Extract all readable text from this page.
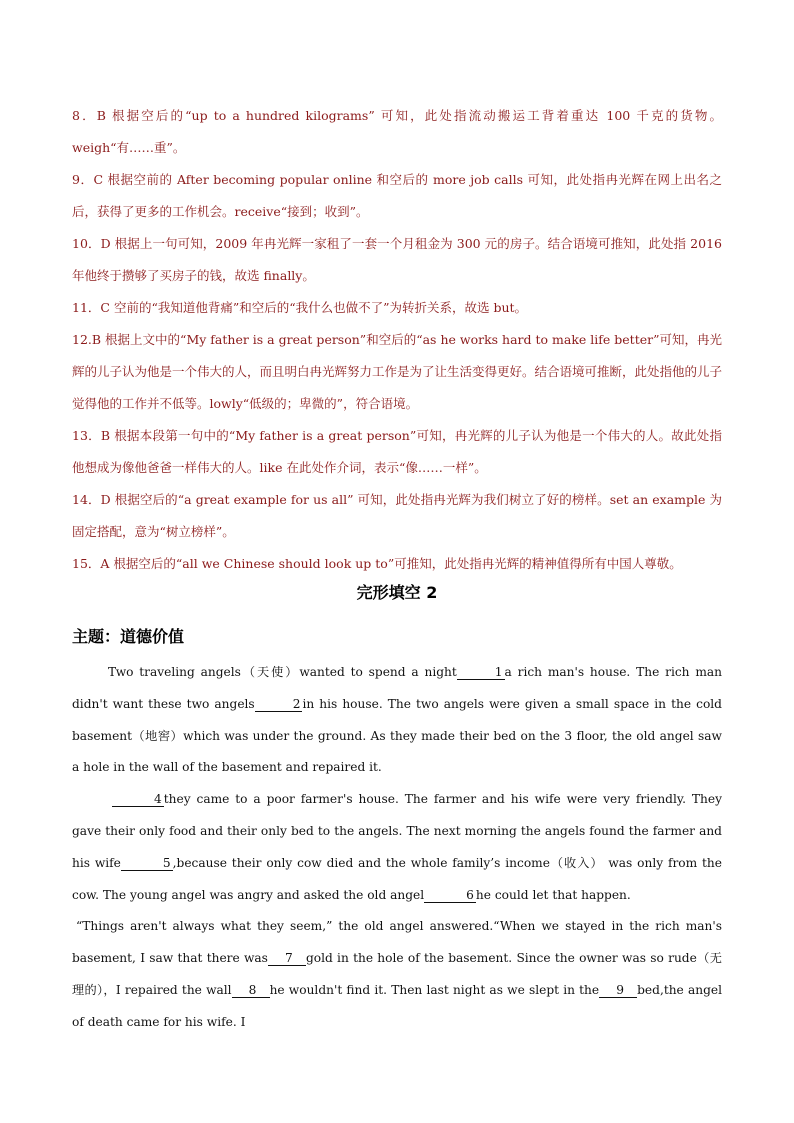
8．B 根据空后的“up to a hundred kilograms” 可知，此处指流动搬运工背着重达 100 千克的货物。weigh“有……重”。

9．C 根据空前的 After becoming popular online 和空后的 more job calls 可知，此处指冉光辉在网上出名之后，获得了更多的工作机会。receive“接到；收到”。

10．D 根据上一句可知，2009 年冉光辉一家租了一套一个月租金为 300 元的房子。结合语境可推知，此处指 2016 年他终于攒够了买房子的钱，故选 finally。

11．C 空前的“我知道他背痛”和空后的“我什么也做不了”为转折关系，故选 but。

12.B 根据上文中的“My father is a great person”和空后的“as he works hard to make life better”可知，冉光辉的儿子认为他是一个伟大的人，而且明白冉光辉努力工作是为了让生活变得更好。结合语境可推断，此处指他的儿子觉得他的工作并不低等。lowly“低级的；卑微的”，符合语境。

13．B 根据本段第一句中的“My father is a great person”可知，冉光辉的儿子认为他是一个伟大的人。故此处指他想成为像他爸爸一样伟大的人。like 在此处作介词，表示“像……一样”。

14．D 根据空后的“a great example for us all” 可知，此处指冉光辉为我们树立了好的榜样。set an example 为固定搭配，意为“树立榜样”。

15．A 根据空后的“all we Chinese should look up to”可推知，此处指冉光辉的精神值得所有中国人尊敬。

完形填空 2
主题：道德价值

Two traveling angels（天使）wanted to spend a night	1 a rich man's house. The rich man didn't want these two angels	2 in his house. The two angels were given a small space in the cold basement（地窖）which was under the ground. As they made their bed on the 3 floor, the old angel saw a hole in the wall of the basement and repaired it.

4 they came to a poor farmer's house. The farmer and his wife were very friendly. They gave their only food and their only bed to the angels. The next morning the angels found the farmer and his wife	5 ,because their only cow died and the whole family’s income（收入） was only from the cow. The young angel was angry and asked the old angel	6 he could let that happen.

“Things aren't always what they seem,” the old angel answered.“When we stayed in the rich man's basement, I saw that there was 7 gold in the hole of the basement. Since the owner was so rude（无理的），I repaired the wall 8 he wouldn't find it. Then last night as we slept in the 9 bed,the angel of death came for his wife. I
